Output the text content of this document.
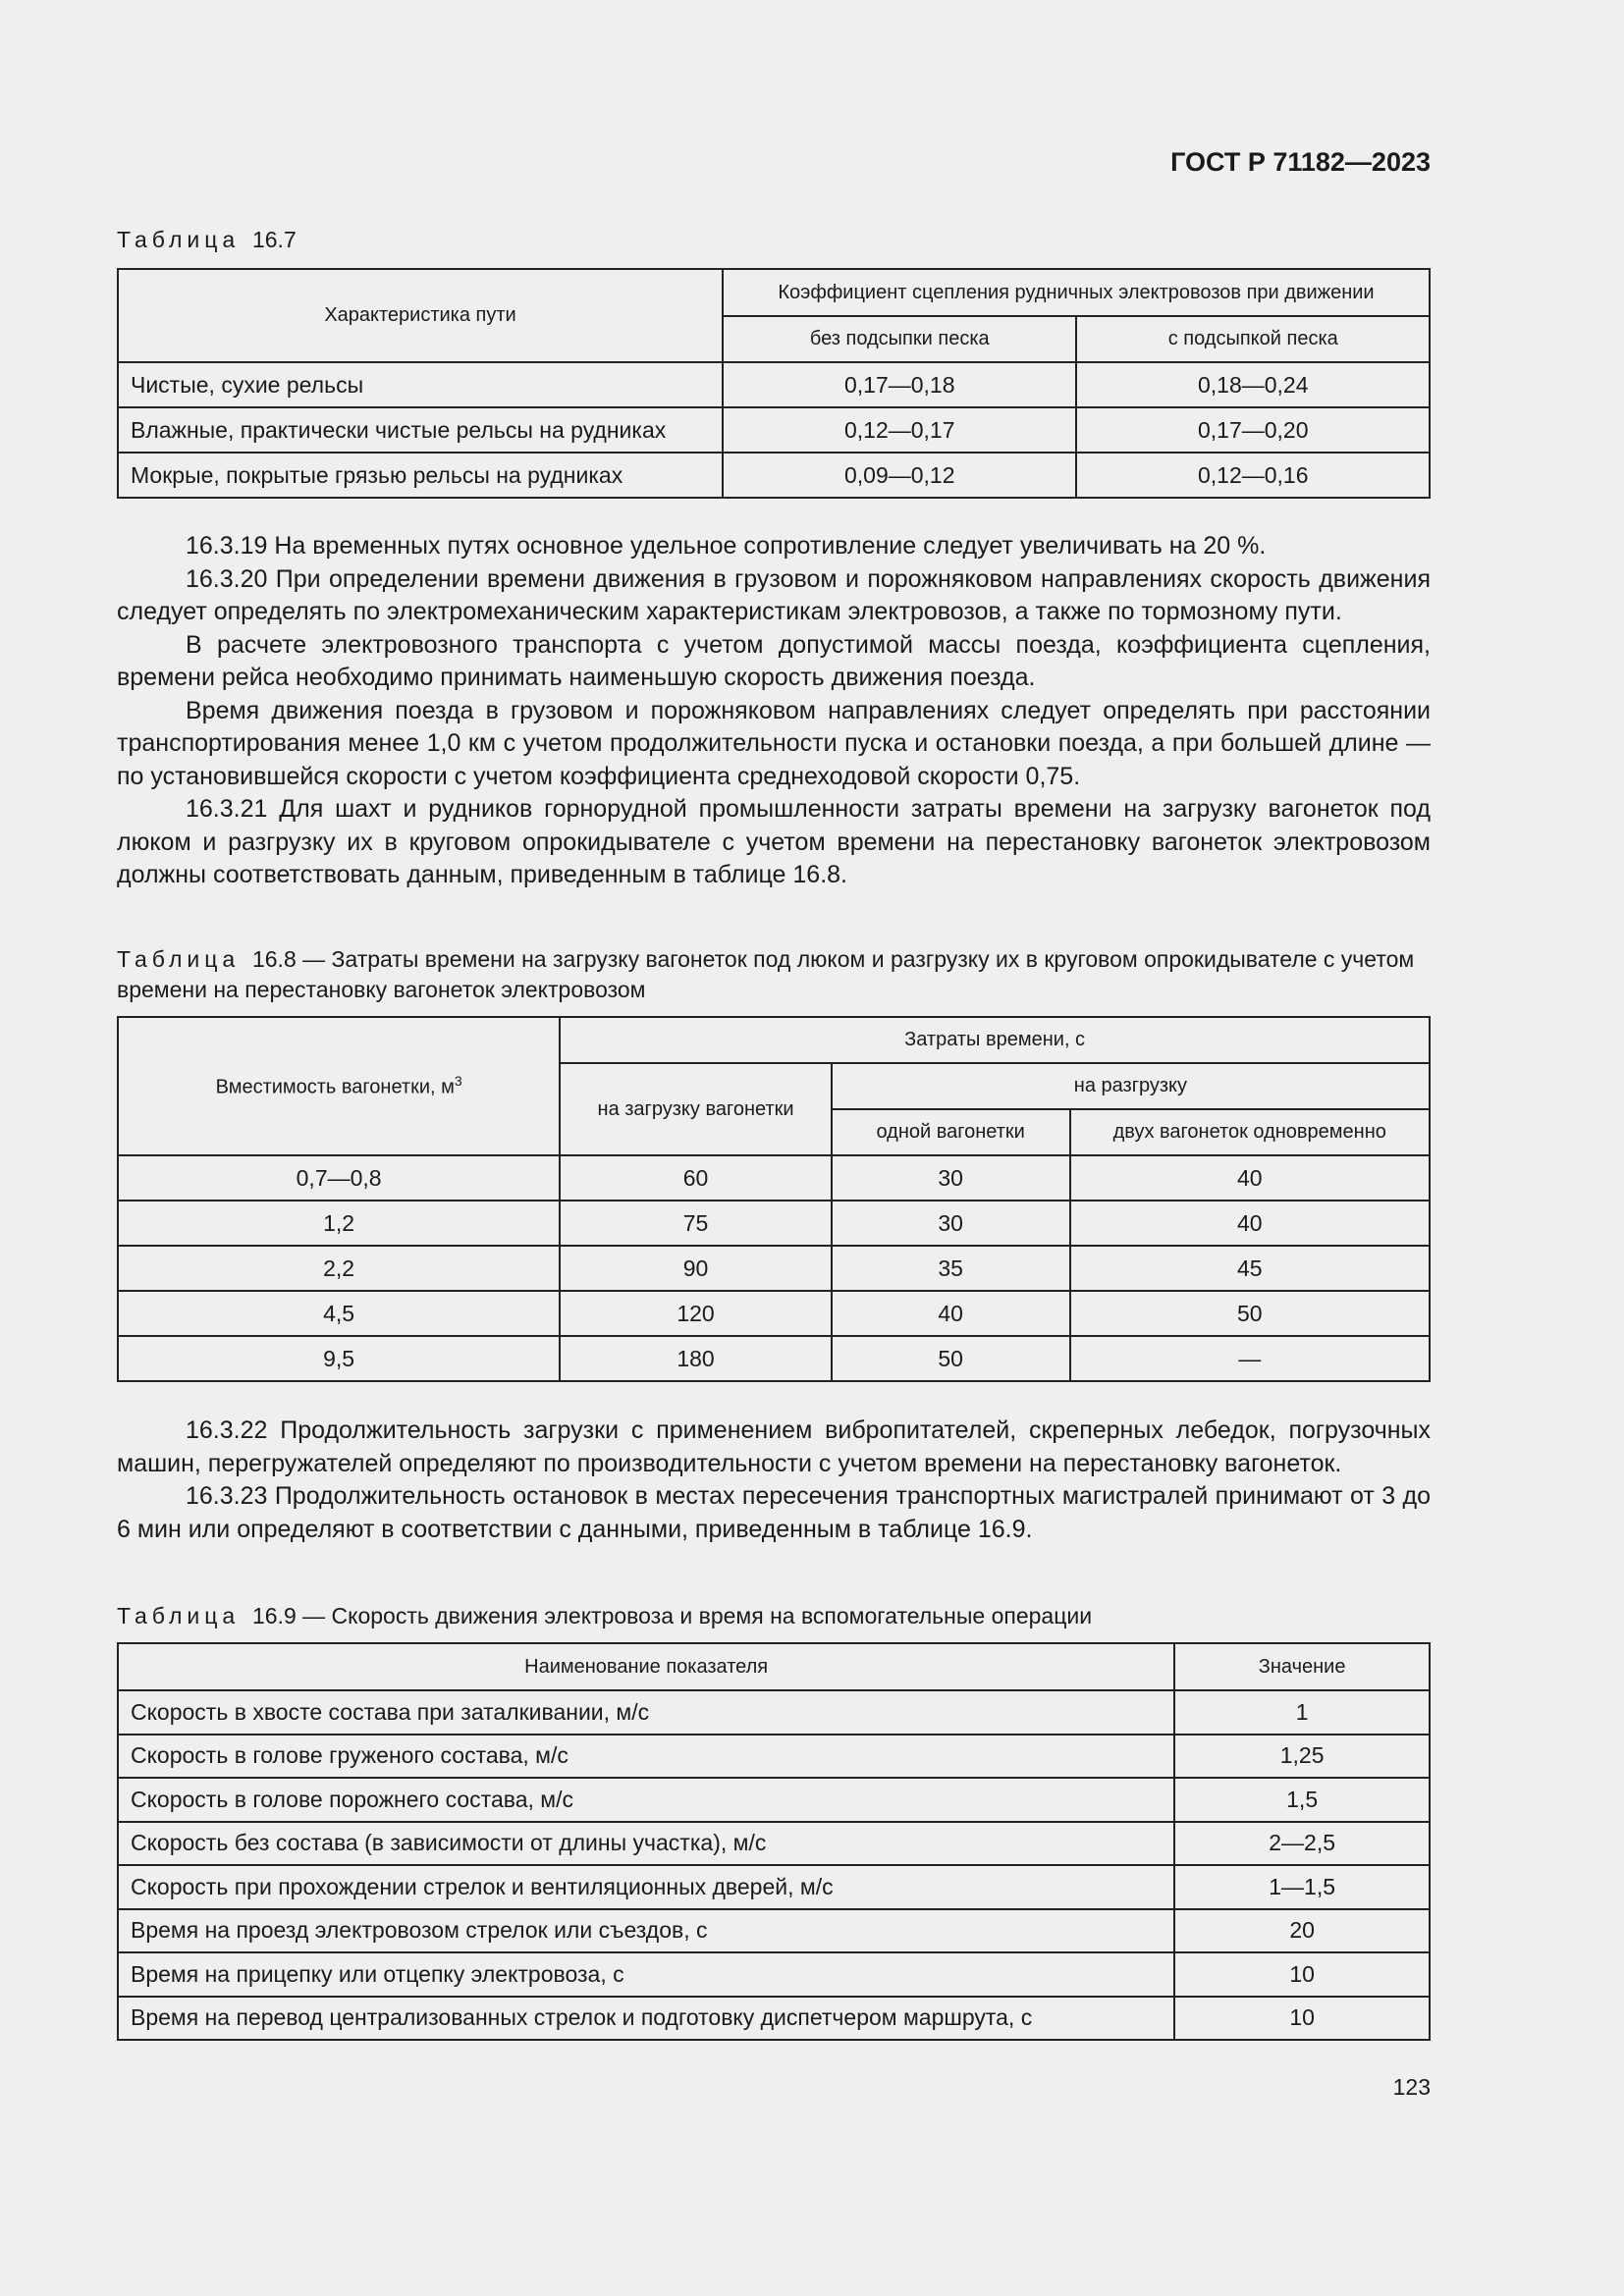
ГОСТ Р 71182—2023
Таблица 16.7
Характеристика пути	Коэффициент сцепления рудничных электровозов при движении	
	без подсыпки песка	с подсыпкой песка
Чистые, сухие рельсы	0,17—0,18	0,18—0,24
Влажные, практически чистые рельсы на рудниках	0,12—0,17	0,17—0,20
Мокрые, покрытые грязью рельсы на рудниках	0,09—0,12	0,12—0,16

16.3.19 На временных путях основное удельное сопротивление следует увеличивать на 20 %.

16.3.20 При определении времени движения в грузовом и порожняковом направлениях скорость движения следует определять по электромеханическим характеристикам электровозов, а также по тормозному пути.

В расчете электровозного транспорта с учетом допустимой массы поезда, коэффициента сцепления, времени рейса необходимо принимать наименьшую скорость движения поезда.

Время движения поезда в грузовом и порожняковом направлениях следует определять при расстоянии транспортирования менее 1,0 км с учетом продолжительности пуска и остановки поезда, а при большей длине — по установившейся скорости с учетом коэффициента среднеходовой скорости 0,75.

16.3.21 Для шахт и рудников горнорудной промышленности затраты времени на загрузку вагонеток под люком и разгрузку их в круговом опрокидывателе с учетом времени на перестановку вагонеток электровозом должны соответствовать данным, приведенным в таблице 16.8.

Таблица 16.8 — Затраты времени на загрузку вагонеток под люком и разгрузку их в круговом опрокидывателе с учетом времени на перестановку вагонеток электровозом
Вместимость вагонетки, $м^3$	Затраты времени, с		
	на загрузку вагонетки	на разгрузку	
		одной вагонетки	двух вагонеток одновременно
0,7—0,8	60	30	40
1,2	75	30	40
2,2	90	35	45
4,5	120	40	50
9,5	180	50	—

16.3.22 Продолжительность загрузки с применением вибропитателей, скреперных лебедок, погрузочных машин, перегружателей определяют по производительности с учетом времени на перестановку вагонеток.

16.3.23 Продолжительность остановок в местах пересечения транспортных магистралей принимают от 3 до 6 мин или определяют в соответствии с данными, приведенным в таблице 16.9.

Таблица 16.9 — Скорость движения электровоза и время на вспомогательные операции
Наименование показателя	Значение
Скорость в хвосте состава при заталкивании, м/с	1
Скорость в голове груженого состава, м/с	1,25
Скорость в голове порожнего состава, м/с	1,5
Скорость без состава (в зависимости от длины участка), м/с	2—2,5
Скорость при прохождении стрелок и вентиляционных дверей, м/с	1—1,5
Время на проезд электровозом стрелок или съездов, с	20
Время на прицепку или отцепку электровоза, с	10
Время на перевод централизованных стрелок и подготовку диспетчером маршрута, с	10
123
